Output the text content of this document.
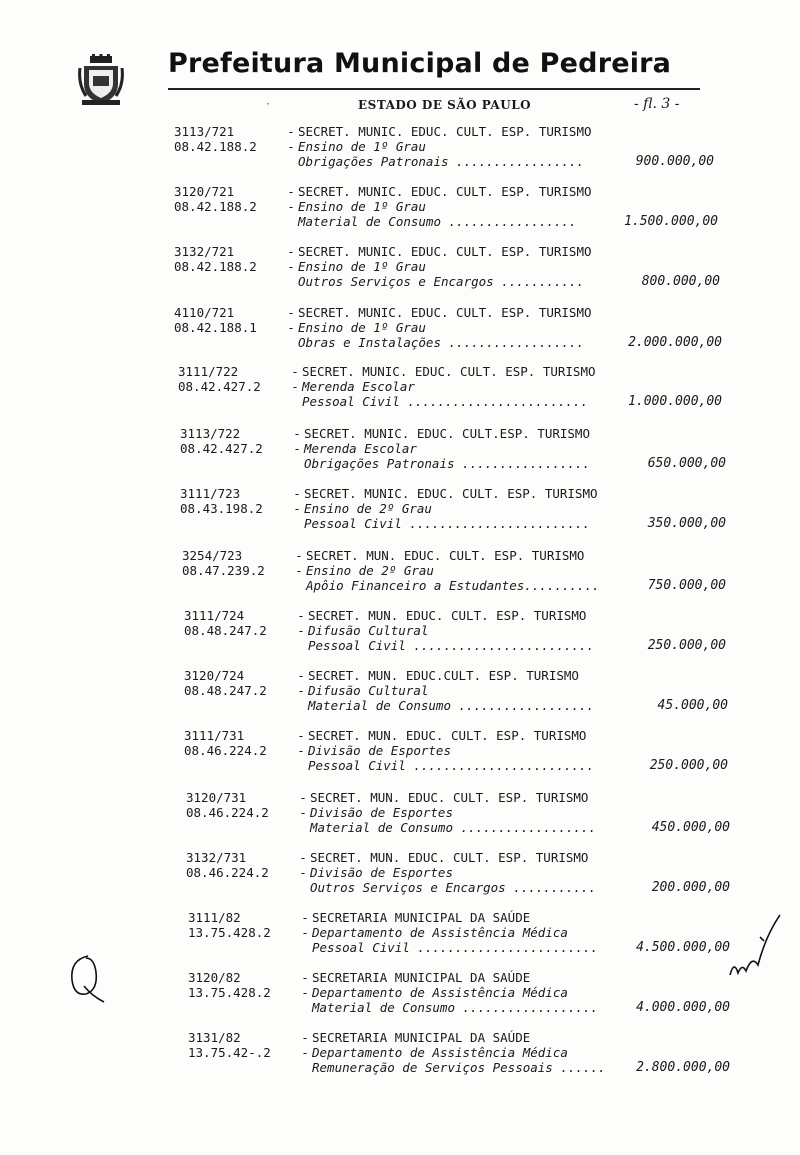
Prefeitura Municipal de Pedreira
·	ESTADO DE SÃO PAULO	- fl. 3 -
3113/721	- SECRET. MUNIC. EDUC. CULT. ESP. TURISMO
08.42.188.2 - Ensino de 1º Grau
Obrigações Patronais .................	900.000,00
3120/721	- SECRET. MUNIC. EDUC. CULT. ESP. TURISMO
08.42.188.2 - Ensino de 1º Grau
Material de Consumo .................	1.500.000,00
3132/721	- SECRET. MUNIC. EDUC. CULT. ESP. TURISMO
08.42.188.2 - Ensino de 1º Grau
Outros Serviços e Encargos ...........	800.000,00
4110/721	- SECRET. MUNIC. EDUC. CULT. ESP. TURISMO
08.42.188.1 - Ensino de 1º Grau
Obras e Instalações ..................	2.000.000,00
3111/722	- SECRET. MUNIC. EDUC. CULT. ESP. TURISMO
08.42.427.2 - Merenda Escolar
Pessoal Civil ........................	1.000.000,00
3113/722	- SECRET. MUNIC. EDUC. CULT.ESP. TURISMO
08.42.427.2 - Merenda Escolar
Obrigações Patronais .................	650.000,00
3111/723	- SECRET. MUNIC. EDUC. CULT. ESP. TURISMO
08.43.198.2 - Ensino de 2º Grau
Pessoal Civil ........................	350.000,00
3254/723	- SECRET. MUN. EDUC. CULT. ESP. TURISMO
08.47.239.2 - Ensino de 2º Grau
Apôio Financeiro a Estudantes..........	750.000,00
3111/724	- SECRET. MUN. EDUC. CULT. ESP. TURISMO
08.48.247.2 - Difusão Cultural
Pessoal Civil ........................	250.000,00
3120/724	- SECRET. MUN. EDUC.CULT. ESP. TURISMO
08.48.247.2 - Difusão Cultural
Material de Consumo ..................	45.000,00
3111/731	- SECRET. MUN. EDUC. CULT. ESP. TURISMO
08.46.224.2 - Divisão de Esportes
Pessoal Civil ........................	250.000,00
3120/731	- SECRET. MUN. EDUC. CULT. ESP. TURISMO
08.46.224.2 - Divisão de Esportes
Material de Consumo ..................	450.000,00
3132/731	- SECRET. MUN. EDUC. CULT. ESP. TURISMO
08.46.224.2 - Divisão de Esportes
Outros Serviços e Encargos ...........	200.000,00
3111/82	- SECRETARIA MUNICIPAL DA SAÚDE
13.75.428.2 - Departamento de Assistência Médica
Pessoal Civil ........................	4.500.000,00
3120/82	- SECRETARIA MUNICIPAL DA SAÚDE
13.75.428.2 - Departamento de Assistência Médica
Material de Consumo ..................	4.000.000,00
3131/82	- SECRETARIA MUNICIPAL DA SAÚDE
13.75.42-.2 - Departamento de Assistência Médica
Remuneração de Serviços Pessoais ...... 2.800.000,00
